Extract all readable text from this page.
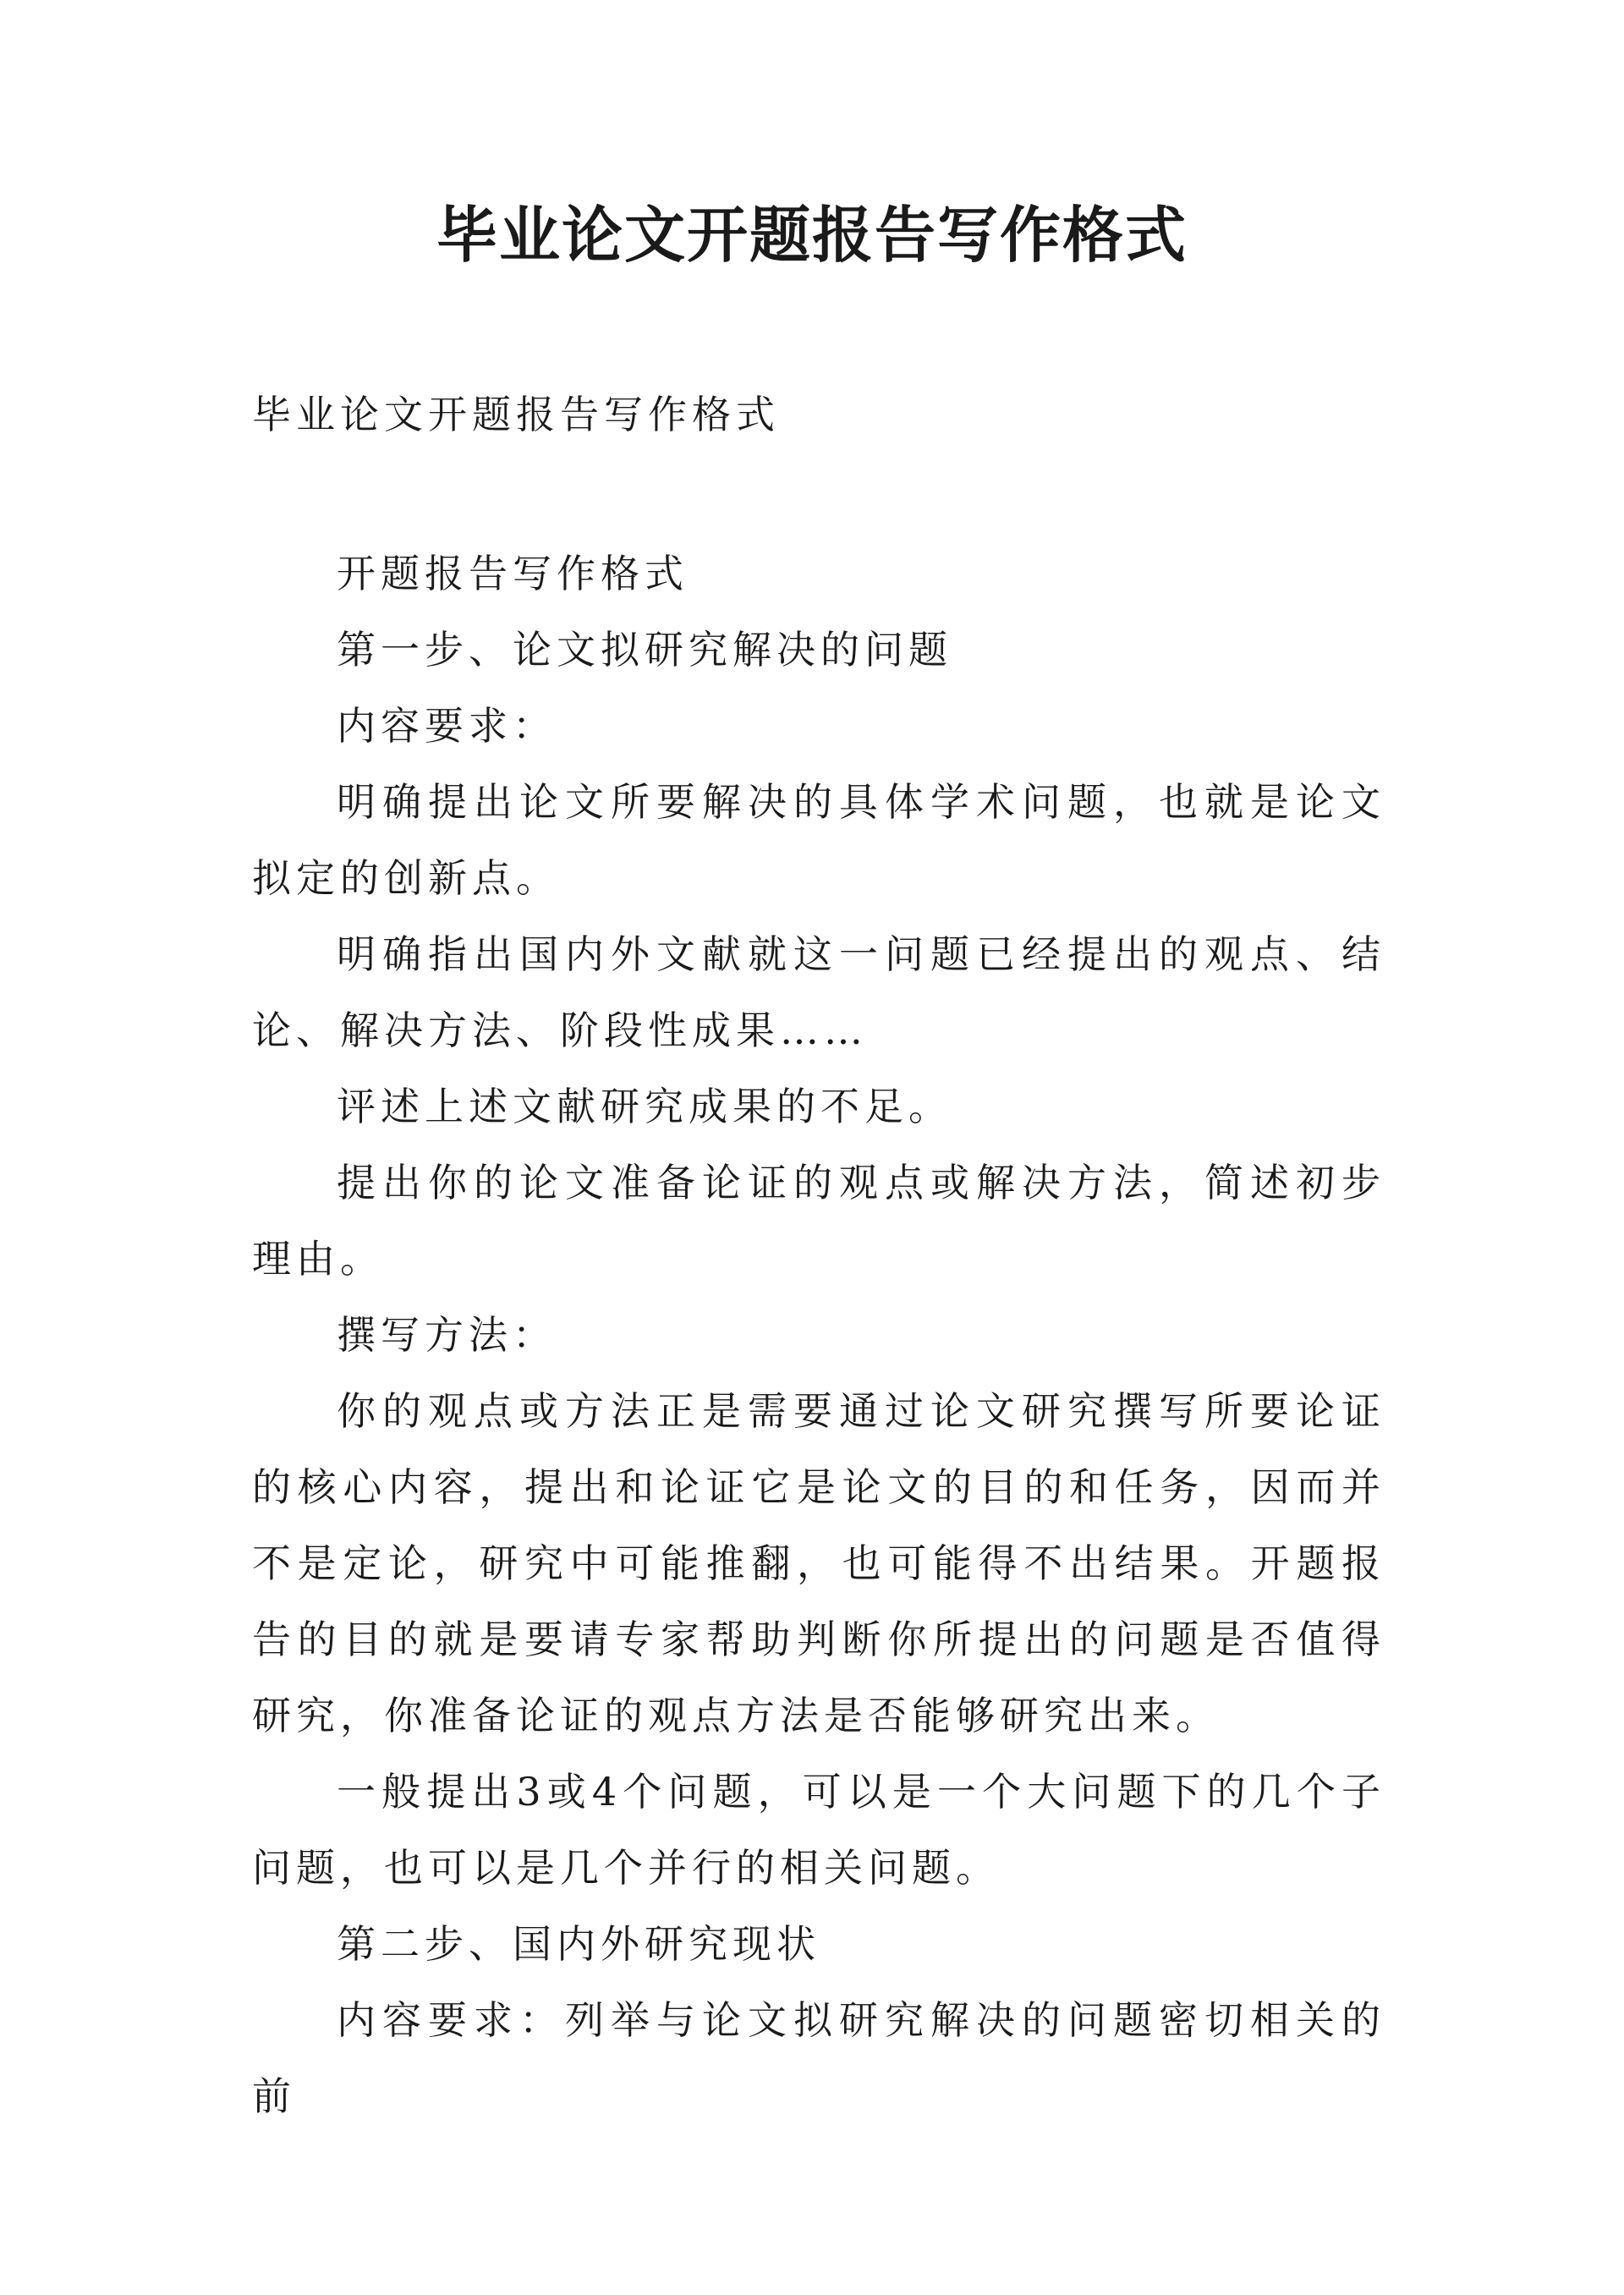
毕业论文开题报告写作格式

毕业论文开题报告写作格式

开题报告写作格式

第一步、论文拟研究解决的问题

内容要求：

明确提出论文所要解决的具体学术问题，也就是论文拟定的创新点。

明确指出国内外文献就这一问题已经提出的观点、结论、解决方法、阶段性成果……

评述上述文献研究成果的不足。

提出你的论文准备论证的观点或解决方法，简述初步理由。

撰写方法：

你的观点或方法正是需要通过论文研究撰写所要论证的核心内容，提出和论证它是论文的目的和任务，因而并不是定论，研究中可能推翻，也可能得不出结果。开题报告的目的就是要请专家帮助判断你所提出的问题是否值得研究，你准备论证的观点方法是否能够研究出来。

一般提出3或4个问题，可以是一个大问题下的几个子问题，也可以是几个并行的相关问题。

第二步、国内外研究现状

内容要求：列举与论文拟研究解决的问题密切相关的前
